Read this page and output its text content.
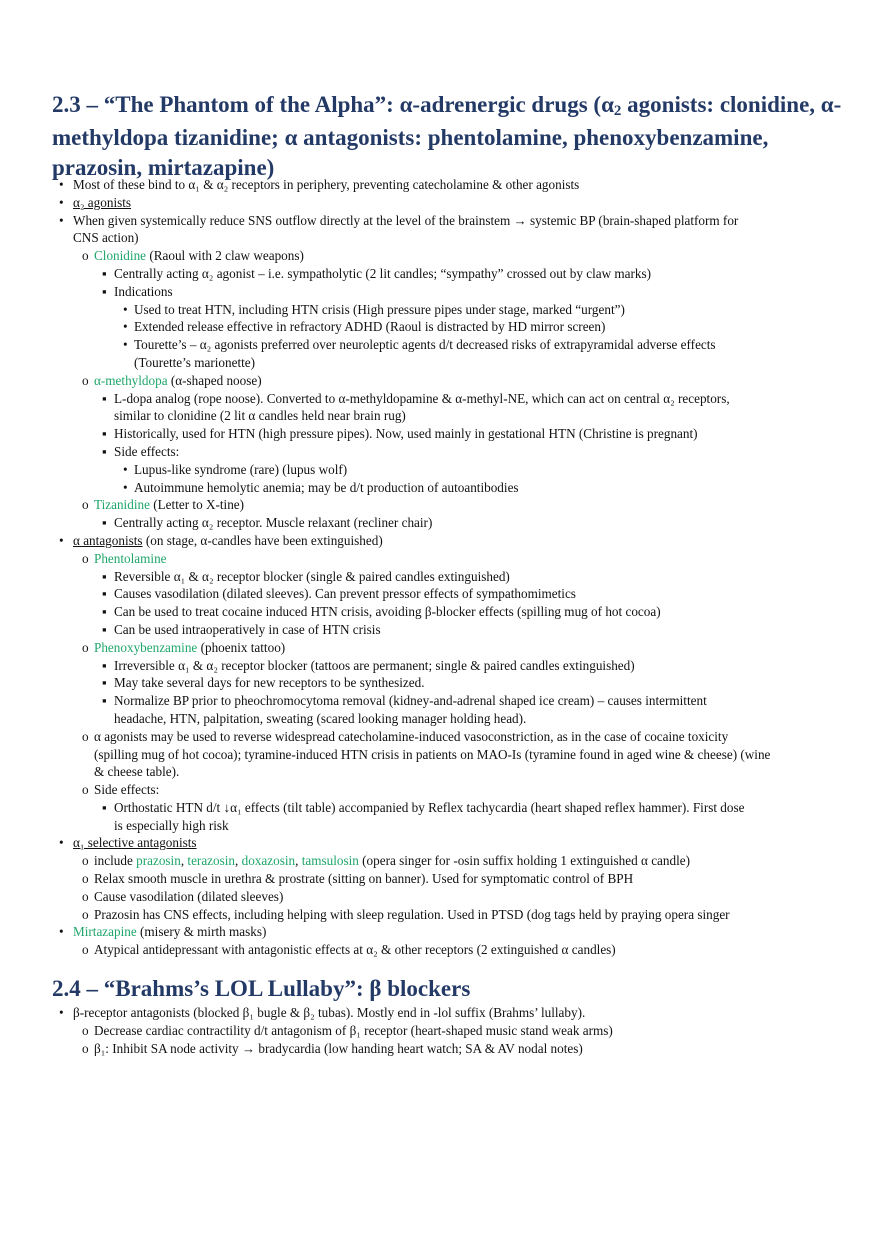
2.3 – “The Phantom of the Alpha”: α-adrenergic drugs (α2 agonists: clonidine, α-methyldopa tizanidine; α antagonists: phentolamine, phenoxybenzamine, prazosin, mirtazapine)
• Most of these bind to α₁ & α₂ receptors in periphery, preventing catecholamine & other agonists
• α₂ agonists
• When given systemically reduce SNS outflow directly at the level of the brainstem → systemic BP (brain-shaped platform for
CNS action)
o Clonidine (Raoul with 2 claw weapons)
▪ Centrally acting α₂ agonist – i.e. sympatholytic (2 lit candles; “sympathy” crossed out by claw marks)
▪ Indications
• Used to treat HTN, including HTN crisis (High pressure pipes under stage, marked “urgent”)
• Extended release effective in refractory ADHD (Raoul is distracted by HD mirror screen)
• Tourette’s – α₂ agonists preferred over neuroleptic agents d/t decreased risks of extrapyramidal adverse effects
(Tourette’s marionette)
o α-methyldopa (α-shaped noose)
▪ L-dopa analog (rope noose). Converted to α-methyldopamine & α-methyl-NE, which can act on central α₂ receptors,
similar to clonidine (2 lit α candles held near brain rug)
▪ Historically, used for HTN (high pressure pipes). Now, used mainly in gestational HTN (Christine is pregnant)
▪ Side effects:
• Lupus-like syndrome (rare) (lupus wolf)
• Autoimmune hemolytic anemia; may be d/t production of autoantibodies
o Tizanidine (Letter to X-tine)
▪ Centrally acting α₂ receptor. Muscle relaxant (recliner chair)
• α antagonists (on stage, α-candles have been extinguished)
o Phentolamine
▪ Reversible α₁ & α₂ receptor blocker (single & paired candles extinguished)
▪ Causes vasodilation (dilated sleeves). Can prevent pressor effects of sympathomimetics
▪ Can be used to treat cocaine induced HTN crisis, avoiding β-blocker effects (spilling mug of hot cocoa)
▪ Can be used intraoperatively in case of HTN crisis
o Phenoxybenzamine (phoenix tattoo)
▪ Irreversible α₁ & α₂ receptor blocker (tattoos are permanent; single & paired candles extinguished)
▪ May take several days for new receptors to be synthesized.
▪ Normalize BP prior to pheochromocytoma removal (kidney-and-adrenal shaped ice cream) – causes intermittent
headache, HTN, palpitation, sweating (scared looking manager holding head).
o α agonists may be used to reverse widespread catecholamine-induced vasoconstriction, as in the case of cocaine toxicity
(spilling mug of hot cocoa); tyramine-induced HTN crisis in patients on MAO-Is (tyramine found in aged wine & cheese) (wine
& cheese table).
o Side effects:
▪ Orthostatic HTN d/t ↓α₁ effects (tilt table) accompanied by Reflex tachycardia (heart shaped reflex hammer). First dose
is especially high risk
• α₁ selective antagonists
o include prazosin, terazosin, doxazosin, tamsulosin (opera singer for -osin suffix holding 1 extinguished α candle)
o Relax smooth muscle in urethra & prostrate (sitting on banner). Used for symptomatic control of BPH
o Cause vasodilation (dilated sleeves)
o Prazosin has CNS effects, including helping with sleep regulation. Used in PTSD (dog tags held by praying opera singer
• Mirtazapine (misery & mirth masks)
o Atypical antidepressant with antagonistic effects at α₂ & other receptors (2 extinguished α candles)
2.4 – “Brahms’s LOL Lullaby”: β blockers
• β-receptor antagonists (blocked β₁ bugle & β₂ tubas). Mostly end in -lol suffix (Brahms’ lullaby).
o Decrease cardiac contractility d/t antagonism of β₁ receptor (heart-shaped music stand weak arms)
o β₁: Inhibit SA node activity → bradycardia (low handing heart watch; SA & AV nodal notes)
